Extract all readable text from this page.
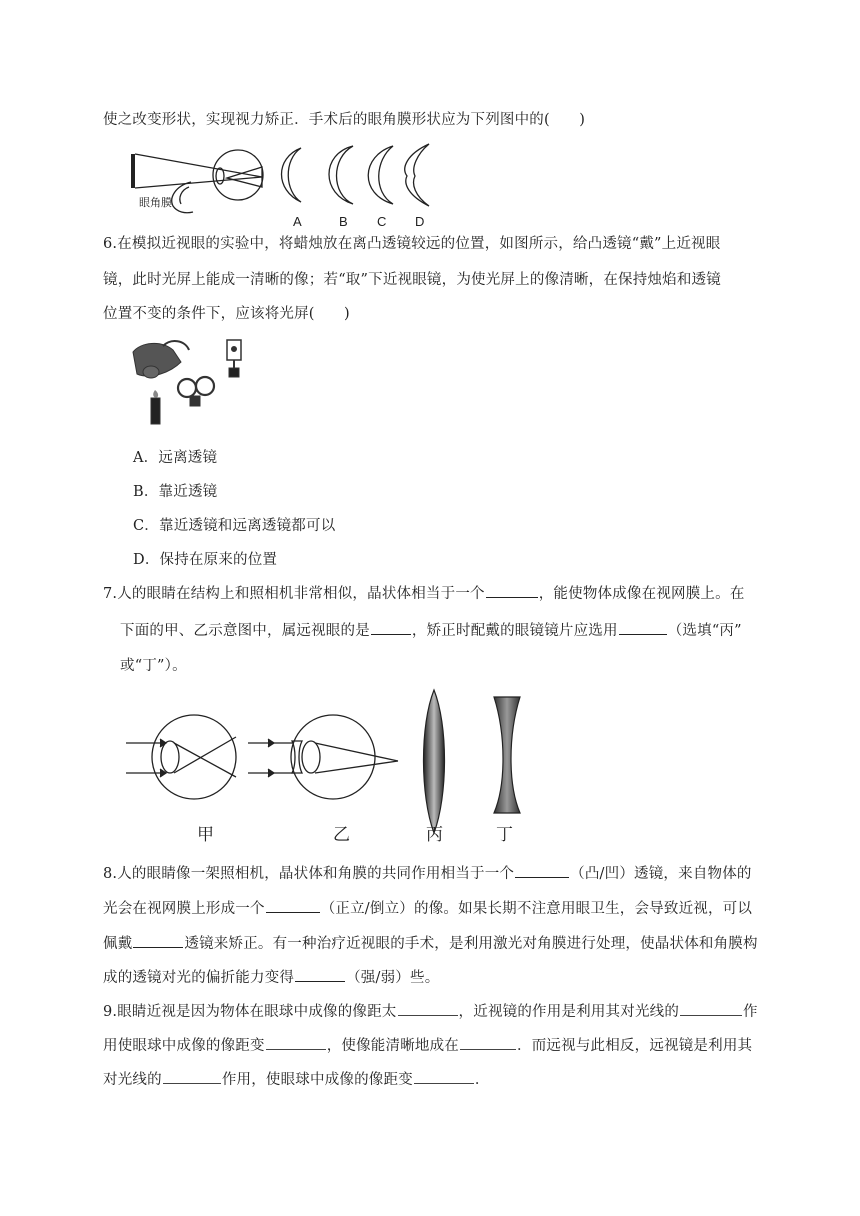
使之改变形状，实现视力矫正．手术后的眼角膜形状应为下列图中的(　　)
眼角膜
A	B C D
6.在模拟近视眼的实验中，将蜡烛放在离凸透镜较远的位置，如图所示，给凸透镜“戴”上近视眼
镜，此时光屏上能成一清晰的像；若“取”下近视眼镜，为使光屏上的像清晰，在保持烛焰和透镜
位置不变的条件下，应该将光屏(　　)
A．远离透镜
B．靠近透镜
C．靠近透镜和远离透镜都可以
D．保持在原来的位置
7.人的眼睛在结构上和照相机非常相似，晶状体相当于一个	，能使物体成像在视网膜上。在
下面的甲、乙示意图中，属远视眼的是	，矫正时配戴的眼镜镜片应选用	（选填“丙”
或“丁”）。
甲	乙	丙	丁
8.人的眼睛像一架照相机，晶状体和角膜的共同作用相当于一个	（凸/凹）透镜，来自物体的
光会在视网膜上形成一个	（正立/倒立）的像。如果长期不注意用眼卫生，会导致近视，可以
佩戴	透镜来矫正。有一种治疗近视眼的手术，是利用激光对角膜进行处理，使晶状体和角膜构
成的透镜对光的偏折能力变得	（强/弱）些。
9.眼睛近视是因为物体在眼球中成像的像距太	，近视镜的作用是利用其对光线的	作
用使眼球中成像的像距变	，使像能清晰地成在	．而远视与此相反，远视镜是利用其
对光线的	作用，使眼球中成像的像距变	．
